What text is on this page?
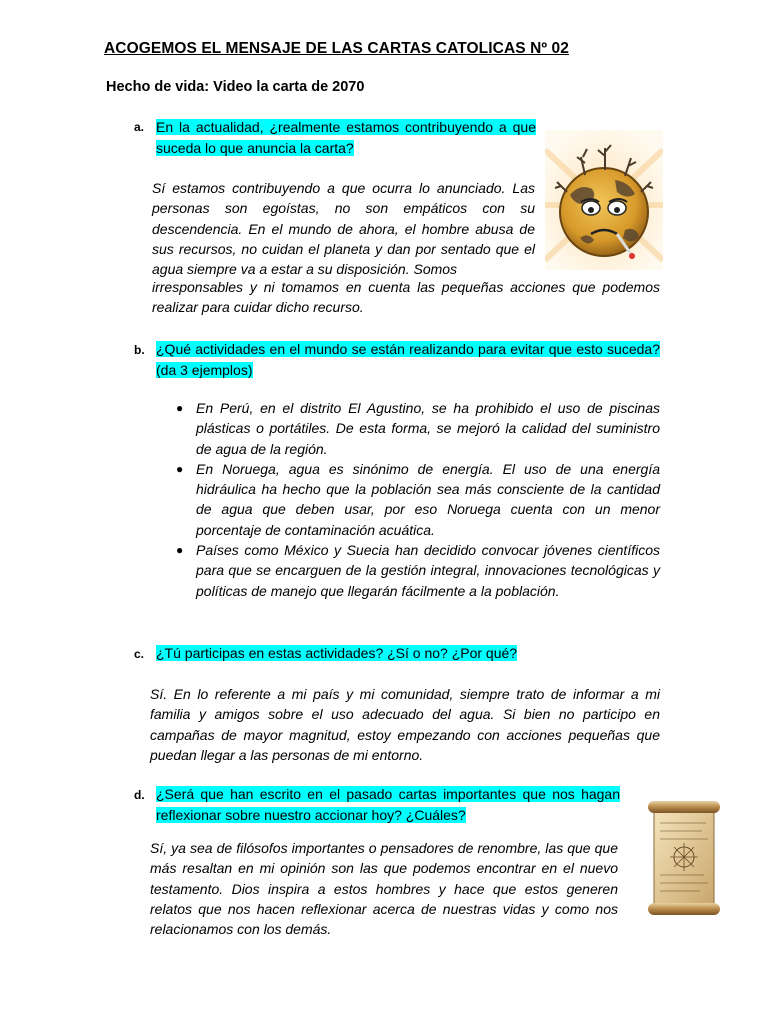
ACOGEMOS EL MENSAJE DE LAS CARTAS CATOLICAS Nº 02
Hecho de vida: Video la carta de 2070
a. En la actualidad, ¿realmente estamos contribuyendo a que suceda lo que anuncia la carta?
Sí estamos contribuyendo a que ocurra lo anunciado. Las personas son egoístas, no son empáticos con su descendencia. En el mundo de ahora, el hombre abusa de sus recursos, no cuidan el planeta y dan por sentado que el agua siempre va a estar a su disposición. Somos
irresponsables y ni tomamos en cuenta las pequeñas acciones que podemos realizar para cuidar dicho recurso.
b. ¿Qué actividades en el mundo se están realizando para evitar que esto suceda?(da 3 ejemplos)
● En Perú, en el distrito El Agustino, se ha prohibido el uso de piscinas plásticas o portátiles. De esta forma, se mejoró la calidad del suministro de agua de la región.
● En Noruega, agua es sinónimo de energía. El uso de una energía hidráulica ha hecho que la población sea más consciente de la cantidad de agua que deben usar, por eso Noruega cuenta con un menor porcentaje de contaminación acuática.
● Países como México y Suecia han decidido convocar jóvenes científicos para que se encarguen de la gestión integral, innovaciones tecnológicas y políticas de manejo que llegarán fácilmente a la población.
c. ¿Tú participas en estas actividades? ¿Sí o no? ¿Por qué?
Sí. En lo referente a mi país y mi comunidad, siempre trato de informar a mi familia y amigos sobre el uso adecuado del agua. Si bien no participo en campañas de mayor magnitud, estoy empezando con acciones pequeñas que puedan llegar a las personas de mi entorno.
d. ¿Será que han escrito en el pasado cartas importantes que nos hagan reflexionar sobre nuestro accionar hoy? ¿Cuáles?
Sí, ya sea de filósofos importantes o pensadores de renombre, las que que más resaltan en mi opinión son las que podemos encontrar en el nuevo testamento. Dios inspira a estos hombres y hace que estos generen relatos que nos hacen reflexionar acerca de nuestras vidas y como nos relacionamos con los demás.
